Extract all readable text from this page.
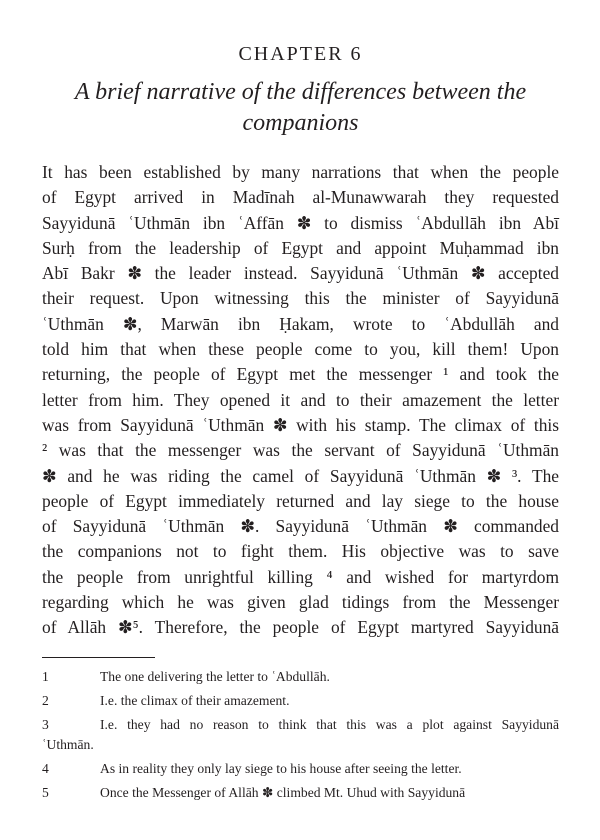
CHAPTER 6
A brief narrative of the differences between the
companions
It has been established by many narrations that when the people
of Egypt arrived in Madīnah al-Munawwarah they requested
Sayyidunā ʿUthmān ibn ʿAffān ✽ to dismiss ʿAbdullāh ibn Abī
Surḥ from the leadership of Egypt and appoint Muḥammad ibn
Abī Bakr ✽ the leader instead. Sayyidunā ʿUthmān ✽ accepted
their request. Upon witnessing this the minister of Sayyidunā
ʿUthmān ✽, Marwān ibn Ḥakam, wrote to ʿAbdullāh and
told him that when these people come to you, kill them! Upon
returning, the people of Egypt met the messenger ¹ and took the
letter from him. They opened it and to their amazement the letter
was from Sayyidunā ʿUthmān ✽ with his stamp. The climax of this
² was that the messenger was the servant of Sayyidunā ʿUthmān
✽ and he was riding the camel of Sayyidunā ʿUthmān ✽ ³. The
people of Egypt immediately returned and lay siege to the house
of Sayyidunā ʿUthmān ✽. Sayyidunā ʿUthmān ✽ commanded
the companions not to fight them. His objective was to save
the people from unrightful killing ⁴ and wished for martyrdom
regarding which he was given glad tidings from the Messenger
of Allāh ✽⁵. Therefore, the people of Egypt martyred Sayyidunā
1	The one delivering the letter to ʿAbdullāh.
2	I.e. the climax of their amazement.
3	I.e. they had no reason to think that this was a plot against Sayyidunā
ʿUthmān.
4	As in reality they only lay siege to his house after seeing the letter.
5	Once the Messenger of Allāh ✽ climbed Mt. Uhud with Sayyidunā
